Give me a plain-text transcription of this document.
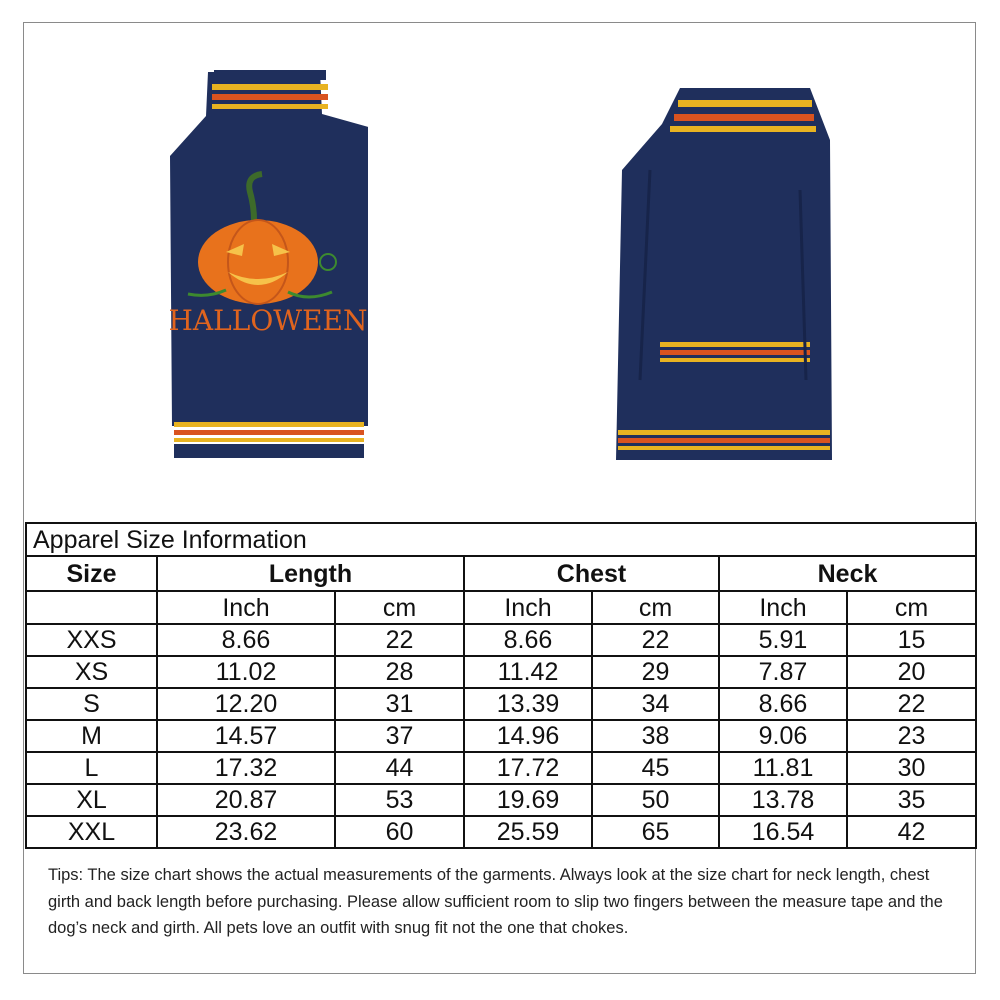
HALLOWEEN
Apparel Size Information						
Size	Length		Chest		Neck	
	Inch	cm	Inch	cm	Inch	cm
XXS	8.66	22	8.66	22	5.91	15
XS	11.02	28	11.42	29	7.87	20
S	12.20	31	13.39	34	8.66	22
M	14.57	37	14.96	38	9.06	23
L	17.32	44	17.72	45	11.81	30
XL	20.87	53	19.69	50	13.78	35
XXL	23.62	60	25.59	65	16.54	42
Tips: The size chart shows the actual measurements of the garments. Always look at the size chart for neck length, chest girth and back length before purchasing. Please allow sufficient room to slip two fingers between the measure tape and the dog’s neck and girth. All pets love an outfit with snug fit not the one that chokes.
